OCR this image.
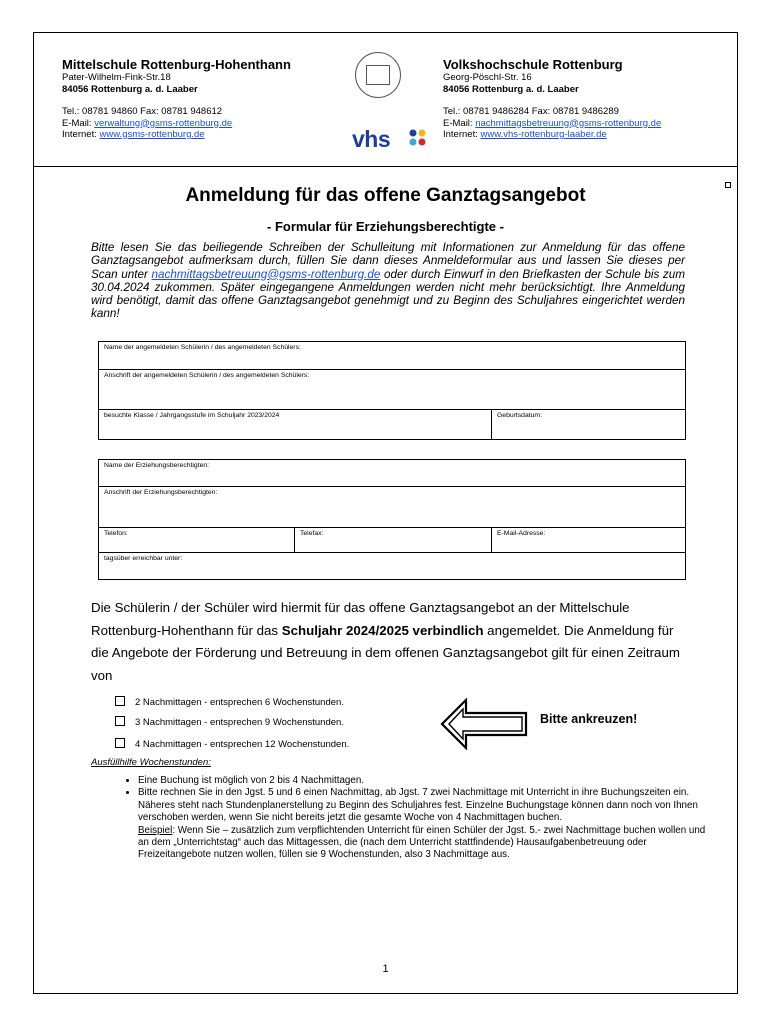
Mittelschule Rottenburg-Hohenthann
Pater-Wilhelm-Fink-Str.18
84056 Rottenburg a. d. Laaber
Tel.: 08781 94860 Fax: 08781 948612
E-Mail: verwaltung@gsms-rottenburg.de
Internet: www.gsms-rottenburg.de	vhs
Volkshochschule Rottenburg
Georg-Pöschl-Str. 16
84056 Rottenburg a. d. Laaber
Tel.: 08781 9486284 Fax: 08781 9486289
E-Mail: nachmittagsbetreuung@gsms-rottenburg.de
Internet: www.vhs-rottenburg-laaber.de
Anmeldung für das offene Ganztagsangebot
- Formular für Erziehungsberechtigte -
Bitte lesen Sie das beiliegende Schreiben der Schulleitung mit Informationen zur Anmeldung für das offene Ganztagsangebot aufmerksam durch, füllen Sie dann dieses Anmeldeformular aus und lassen Sie dieses per Scan unter nachmittagsbetreuung@gsms-rottenburg.de oder durch Einwurf in den Briefkasten der Schule bis zum 30.04.2024 zukommen. Später eingegangene Anmeldungen werden nicht mehr berücksichtigt. Ihre Anmeldung wird benötigt, damit das offene Ganztagsangebot genehmigt und zu Beginn des Schuljahres eingerichtet werden kann!
Name der angemeldeten Schülerin / des angemeldeten Schülers:
Anschrift der angemeldeten Schülerin / des angemeldeten Schülers:
besuchte Klasse / Jahrgangsstufe im Schuljahr 2023/2024	Geburtsdatum:
Name der Erziehungsberechtigten:
Anschrift der Erziehungsberechtigten:
Telefon:	Telefax:	E-Mail-Adresse:
tagsüber erreichbar unter:
Die Schülerin / der Schüler wird hiermit für das offene Ganztagsangebot an der Mittelschule Rottenburg-Hohenthann für das Schuljahr 2024/2025 verbindlich angemeldet. Die Anmeldung für die Angebote der Förderung und Betreuung in dem offenen Ganztagsangebot gilt für einen Zeitraum von
2 Nachmittagen - entsprechen 6 Wochenstunden.
3 Nachmittagen - entsprechen 9 Wochenstunden.
4 Nachmittagen - entsprechen 12 Wochenstunden.
Bitte ankreuzen!
Ausfüllhilfe Wochenstunden:
• Eine Buchung ist möglich von 2 bis 4 Nachmittagen.
• Bitte rechnen Sie in den Jgst. 5 und 6 einen Nachmittag, ab Jgst. 7 zwei Nachmittage mit Unterricht in ihre Buchungszeiten ein.
Näheres steht nach Stundenplanerstellung zu Beginn des Schuljahres fest. Einzelne Buchungstage können dann noch von Ihnen verschoben werden, wenn Sie nicht bereits jetzt die gesamte Woche von 4 Nachmittagen buchen.
Beispiel: Wenn Sie – zusätzlich zum verpflichtenden Unterricht für einen Schüler der Jgst. 5.- zwei Nachmittage buchen wollen und an dem „Unterrichtstag“ auch das Mittagessen, die (nach dem Unterricht stattfindende) Hausaufgabenbetreuung oder Freizeitangebote nutzen wollen, füllen sie 9 Wochenstunden, also 3 Nachmittage aus.
1
